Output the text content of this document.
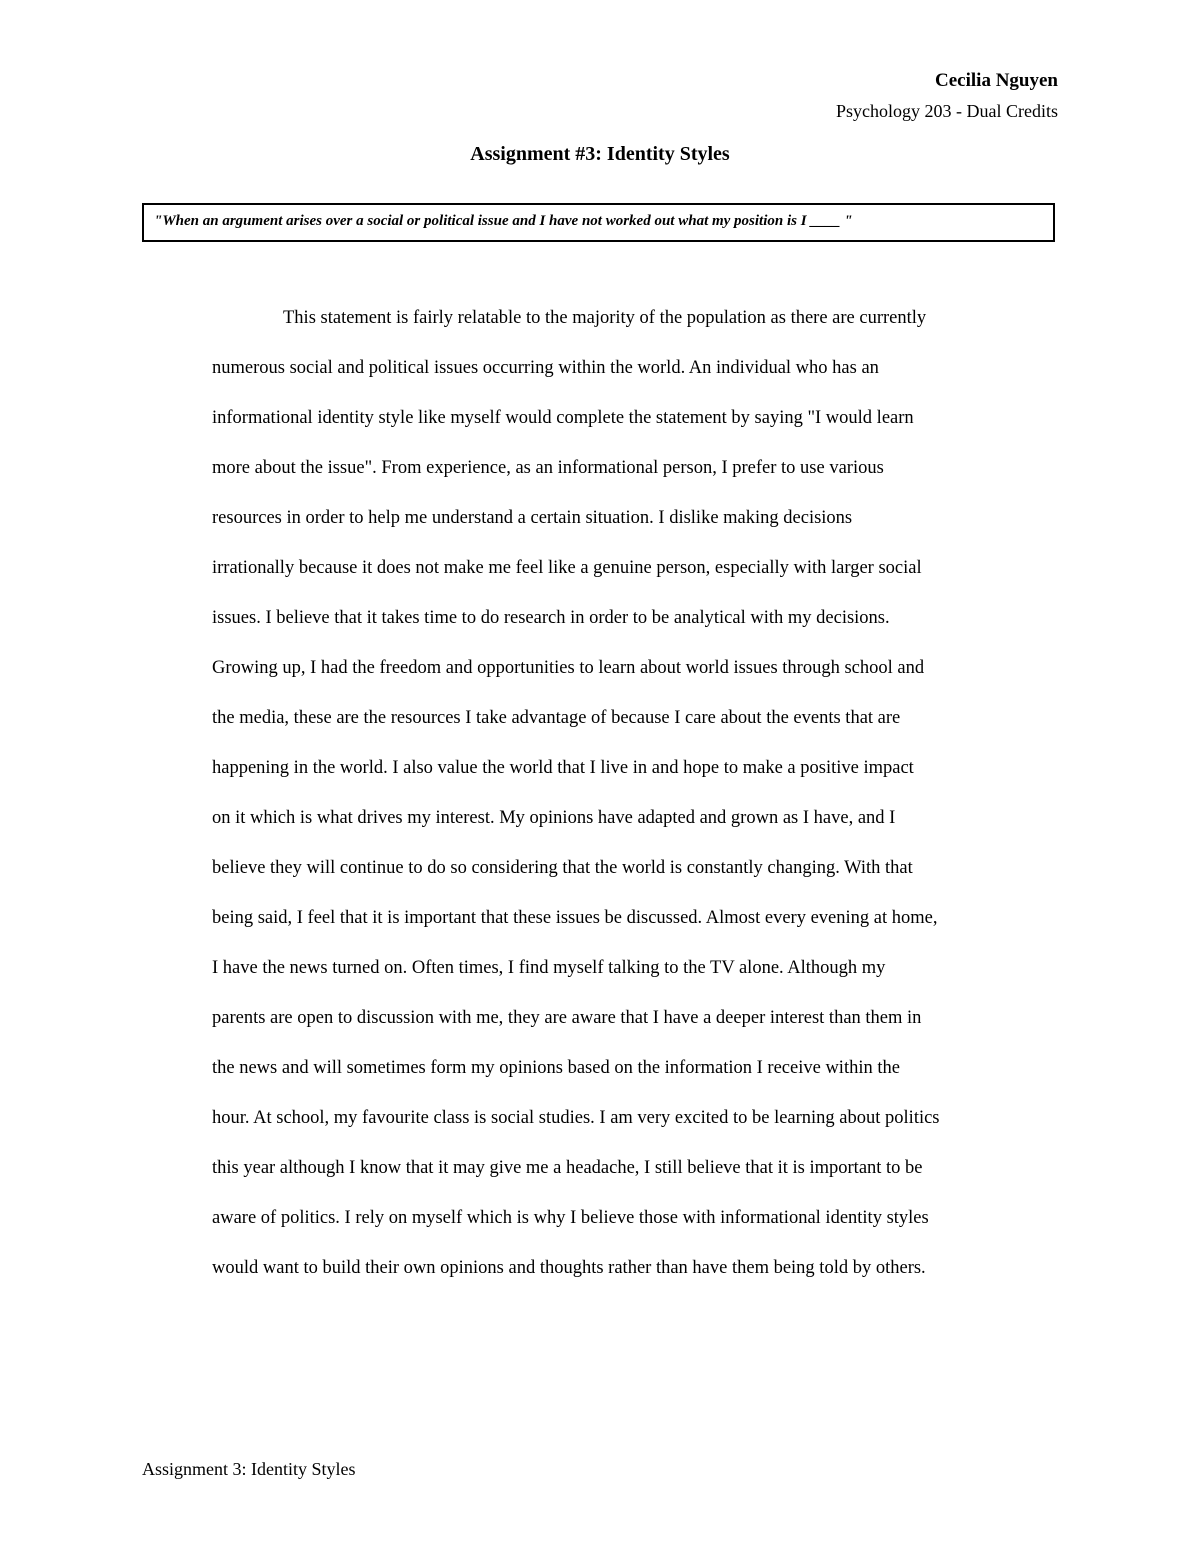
Cecilia Nguyen
Psychology 203 - Dual Credits
Assignment #3: Identity Styles
"When an argument arises over a social or political issue and I have not worked out what my position is I ____ "
This statement is fairly relatable to the majority of the population as there are currently
numerous social and political issues occurring within the world. An individual who has an
informational identity style like myself would complete the statement by saying "I would learn
more about the issue". From experience, as an informational person, I prefer to use various
resources in order to help me understand a certain situation. I dislike making decisions
irrationally because it does not make me feel like a genuine person, especially with larger social
issues. I believe that it takes time to do research in order to be analytical with my decisions.
Growing up, I had the freedom and opportunities to learn about world issues through school and
the media, these are the resources I take advantage of because I care about the events that are
happening in the world. I also value the world that I live in and hope to make a positive impact
on it which is what drives my interest. My opinions have adapted and grown as I have, and I
believe they will continue to do so considering that the world is constantly changing. With that
being said, I feel that it is important that these issues be discussed. Almost every evening at home,
I have the news turned on. Often times, I find myself talking to the TV alone. Although my
parents are open to discussion with me, they are aware that I have a deeper interest than them in
the news and will sometimes form my opinions based on the information I receive within the
hour. At school, my favourite class is social studies. I am very excited to be learning about politics
this year although I know that it may give me a headache, I still believe that it is important to be
aware of politics. I rely on myself which is why I believe those with informational identity styles
would want to build their own opinions and thoughts rather than have them being told by others.
Assignment 3: Identity Styles
